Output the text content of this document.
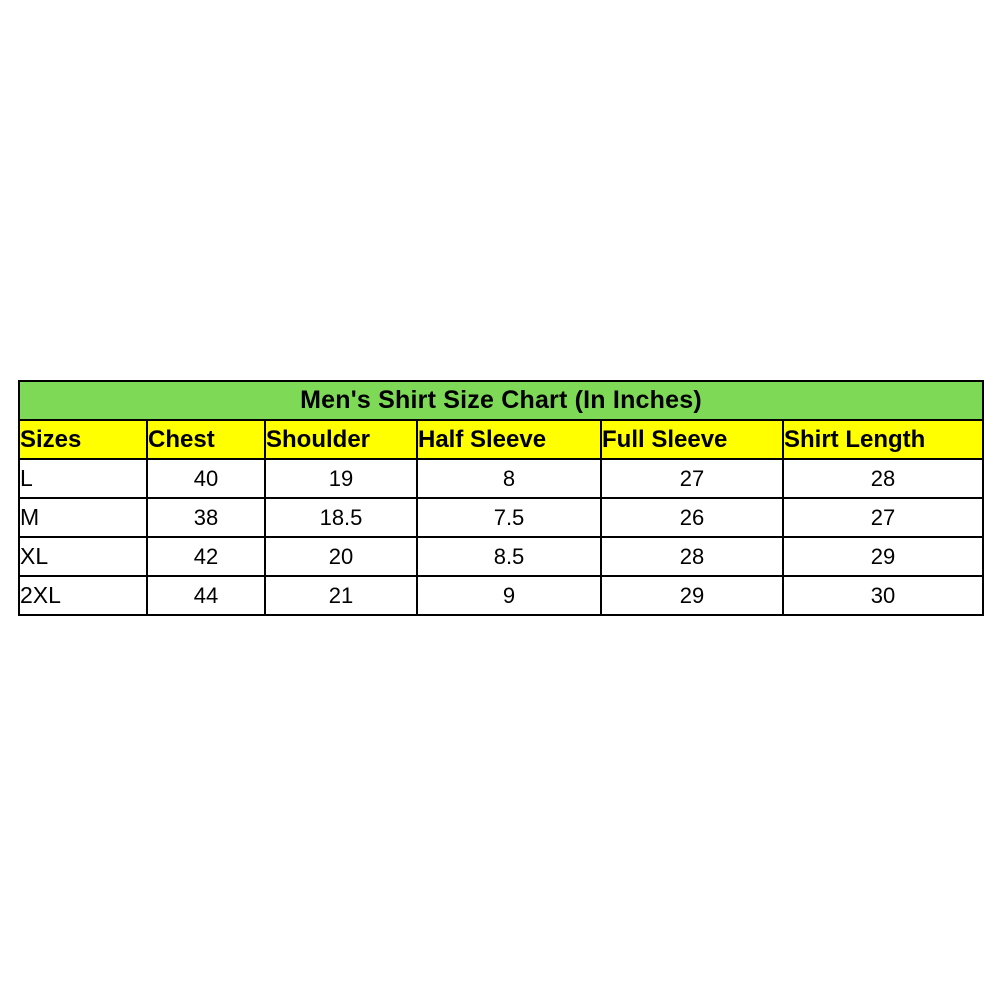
Men's Shirt Size Chart (In Inches)					
Sizes	Chest	Shoulder	Half Sleeve	Full Sleeve	Shirt Length
L	40	19	8	27	28
M	38	18.5	7.5	26	27
XL	42	20	8.5	28	29
2XL	44	21	9	29	30
